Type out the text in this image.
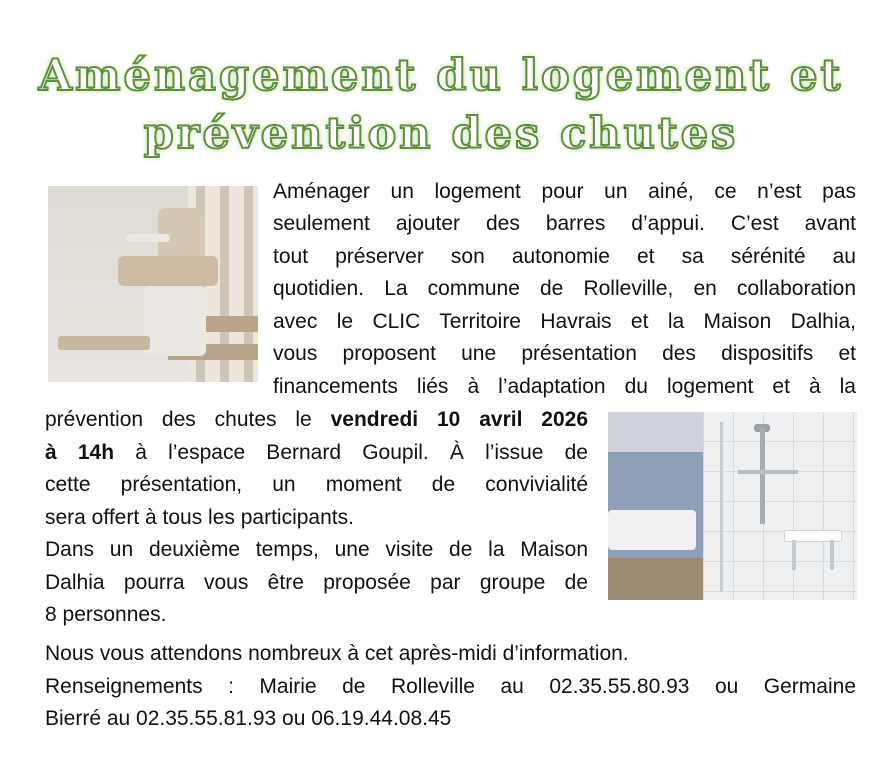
Aménagement du logement et
prévention des chutes

Aménager un logement pour un ainé, ce n’est pas

seulement ajouter des barres d’appui. C’est avant

tout préserver son autonomie et sa sérénité au

quotidien. La commune de Rolleville, en collaboration

avec le CLIC Territoire Havrais et la Maison Dalhia,

vous proposent une présentation des dispositifs et

financements liés à l’adaptation du logement et à la

prévention des chutes le vendredi 10 avril 2026

à 14h à l’espace Bernard Goupil. À l’issue de

cette présentation, un moment de convivialité

sera offert à tous les participants.

Dans un deuxième temps, une visite de la Maison

Dalhia pourra vous être proposée par groupe de

8 personnes.

Nous vous attendons nombreux à cet après-midi d’information.

Renseignements : Mairie de Rolleville au 02.35.55.80.93 ou Germaine

Bierré au 02.35.55.81.93 ou 06.19.44.08.45
